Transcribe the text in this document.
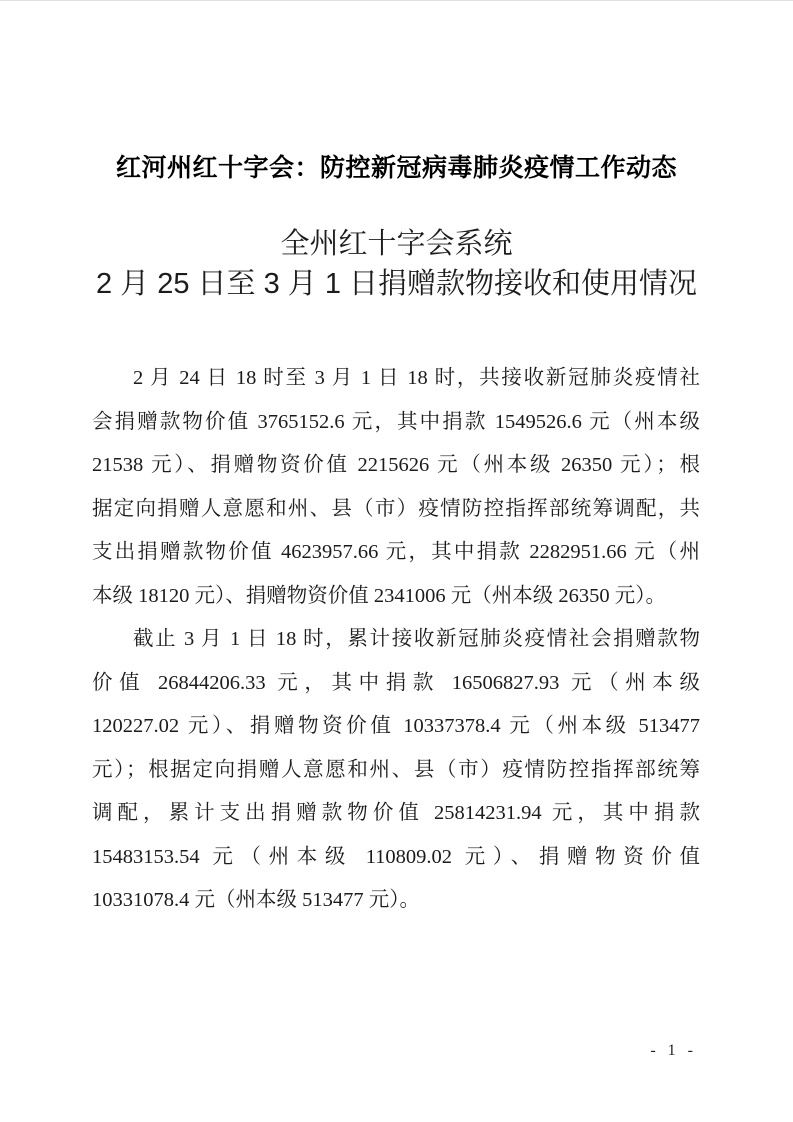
红河州红十字会：防控新冠病毒肺炎疫情工作动态
全州红十字会系统
2 月 25 日至 3 月 1 日捐赠款物接收和使用情况

2 月 24 日 18 时至 3 月 1 日 18 时，共接收新冠肺炎疫情社
会捐赠款物价值 3765152.6 元，其中捐款 1549526.6 元（州本级
21538 元）、捐赠物资价值 2215626 元（州本级 26350 元）；根
据定向捐赠人意愿和州、县（市）疫情防控指挥部统筹调配，共
支出捐赠款物价值 4623957.66 元，其中捐款 2282951.66 元（州
本级 18120 元）、捐赠物资价值 2341006 元（州本级 26350 元）。

截止 3 月 1 日 18 时，累计接收新冠肺炎疫情社会捐赠款物
价值 26844206.33 元，其中捐款 16506827.93 元（州本级
120227.02 元）、捐赠物资价值 10337378.4 元（州本级 513477
元）；根据定向捐赠人意愿和州、县（市）疫情防控指挥部统筹
调配，累计支出捐赠款物价值 25814231.94 元，其中捐款
15483153.54 元（州本级 110809.02 元）、捐赠物资价值
10331078.4 元（州本级 513477 元）。

- 1 -
